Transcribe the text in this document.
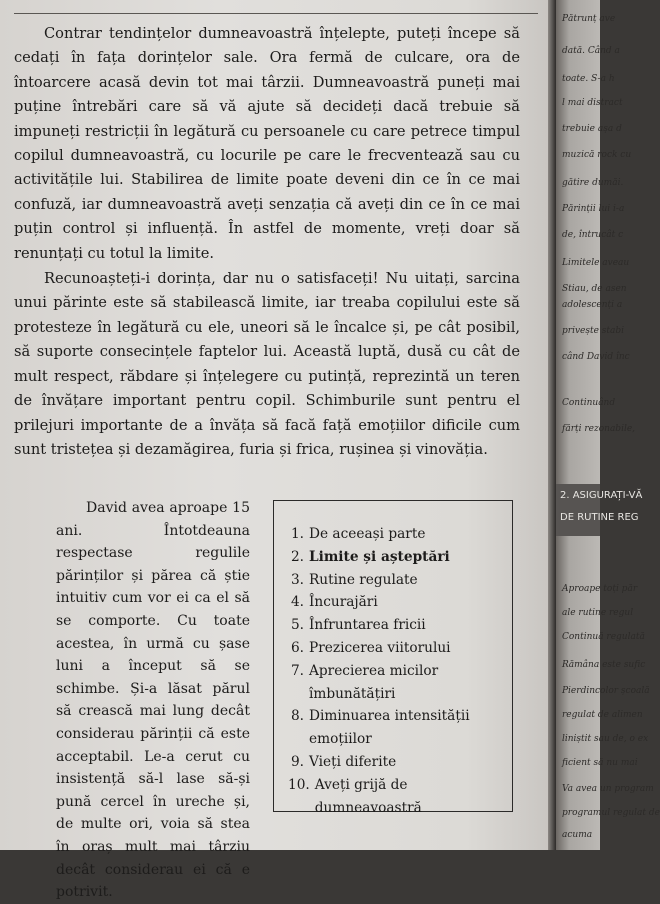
Contrar tendințelor dumneavoastră înțelepte, puteți începe să cedați în fața dorințelor sale. Ora fermă de culcare, ora de întoarcere acasă devin tot mai târzii. Dumneavoastră puneți mai puține întrebări care să vă ajute să decideți dacă trebuie să impuneți restricții în legătură cu persoanele cu care petrece timpul copilul dumneavoastră, cu locurile pe care le frecventează sau cu activitățile lui. Stabilirea de limite poate deveni din ce în ce mai confuză, iar dumneavoastră aveți senzația că aveți din ce în ce mai puțin control și influență. În astfel de momente, vreți doar să renunțați cu totul la limite.

Recunoașteți-i dorința, dar nu o satisfaceți! Nu uitați, sarcina unui părinte este să stabilească limite, iar treaba copilului este să protesteze în legătură cu ele, uneori să le încalce și, pe cât posibil, să suporte consecințele faptelor lui. Această luptă, dusă cu cât de mult respect, răbdare și înțelegere cu putință, reprezintă un teren de învățare important pentru copil. Schimburile sunt pentru el prilejuri importante de a învăța să facă față emoțiilor dificile cum sunt tristețea și dezamăgirea, furia și frica, rușinea și vinovăția.

David avea aproape 15 ani. Întotdeauna respectase regulile părinților și părea că știe intuitiv cum vor ei ca el să se comporte. Cu toate acestea, în urmă cu șase luni a început să se schimbe. Și-a lăsat părul să crească mai lung decât considerau părinții că este acceptabil. Le-a cerut cu insistență să-l lase să-și pună cercel în ureche și, de multe ori, voia să stea în oraș mult mai târziu decât considerau ei că e potrivit.

1. De aceeași parte
2. Limite și așteptări
3. Rutine regulate
4. Încurajări
5. Înfruntarea fricii
6. Prezicerea viitorului
7. Aprecierea micilor îmbunătățiri
8. Diminuarea intensității emoțiilor
9. Vieți diferite
10. Aveți grijă de dumneavoastră
Pătrunț ave
dată. Când a
toate. S-a h
l mai distract
trebuie așa d
muzică rock cu
gătire dumăi.
Părinții lui i-a
de, întrucât c
Limitele aveau
Stiau, de asen
adolescenți a
privește stabi
când David înc
Continuând
fărți rezonabile,
Aproape toți păr
ale rutine regul
Continuă regulată
Rămâna este sufic
Pierdincolor școală
regulat de alimen
liniștit sau de, o ex
ficient să nu mai
Va avea un program
programul regulat de
acuma
2. ASIGURAȚI-VĂ
DE RUTINE REG
